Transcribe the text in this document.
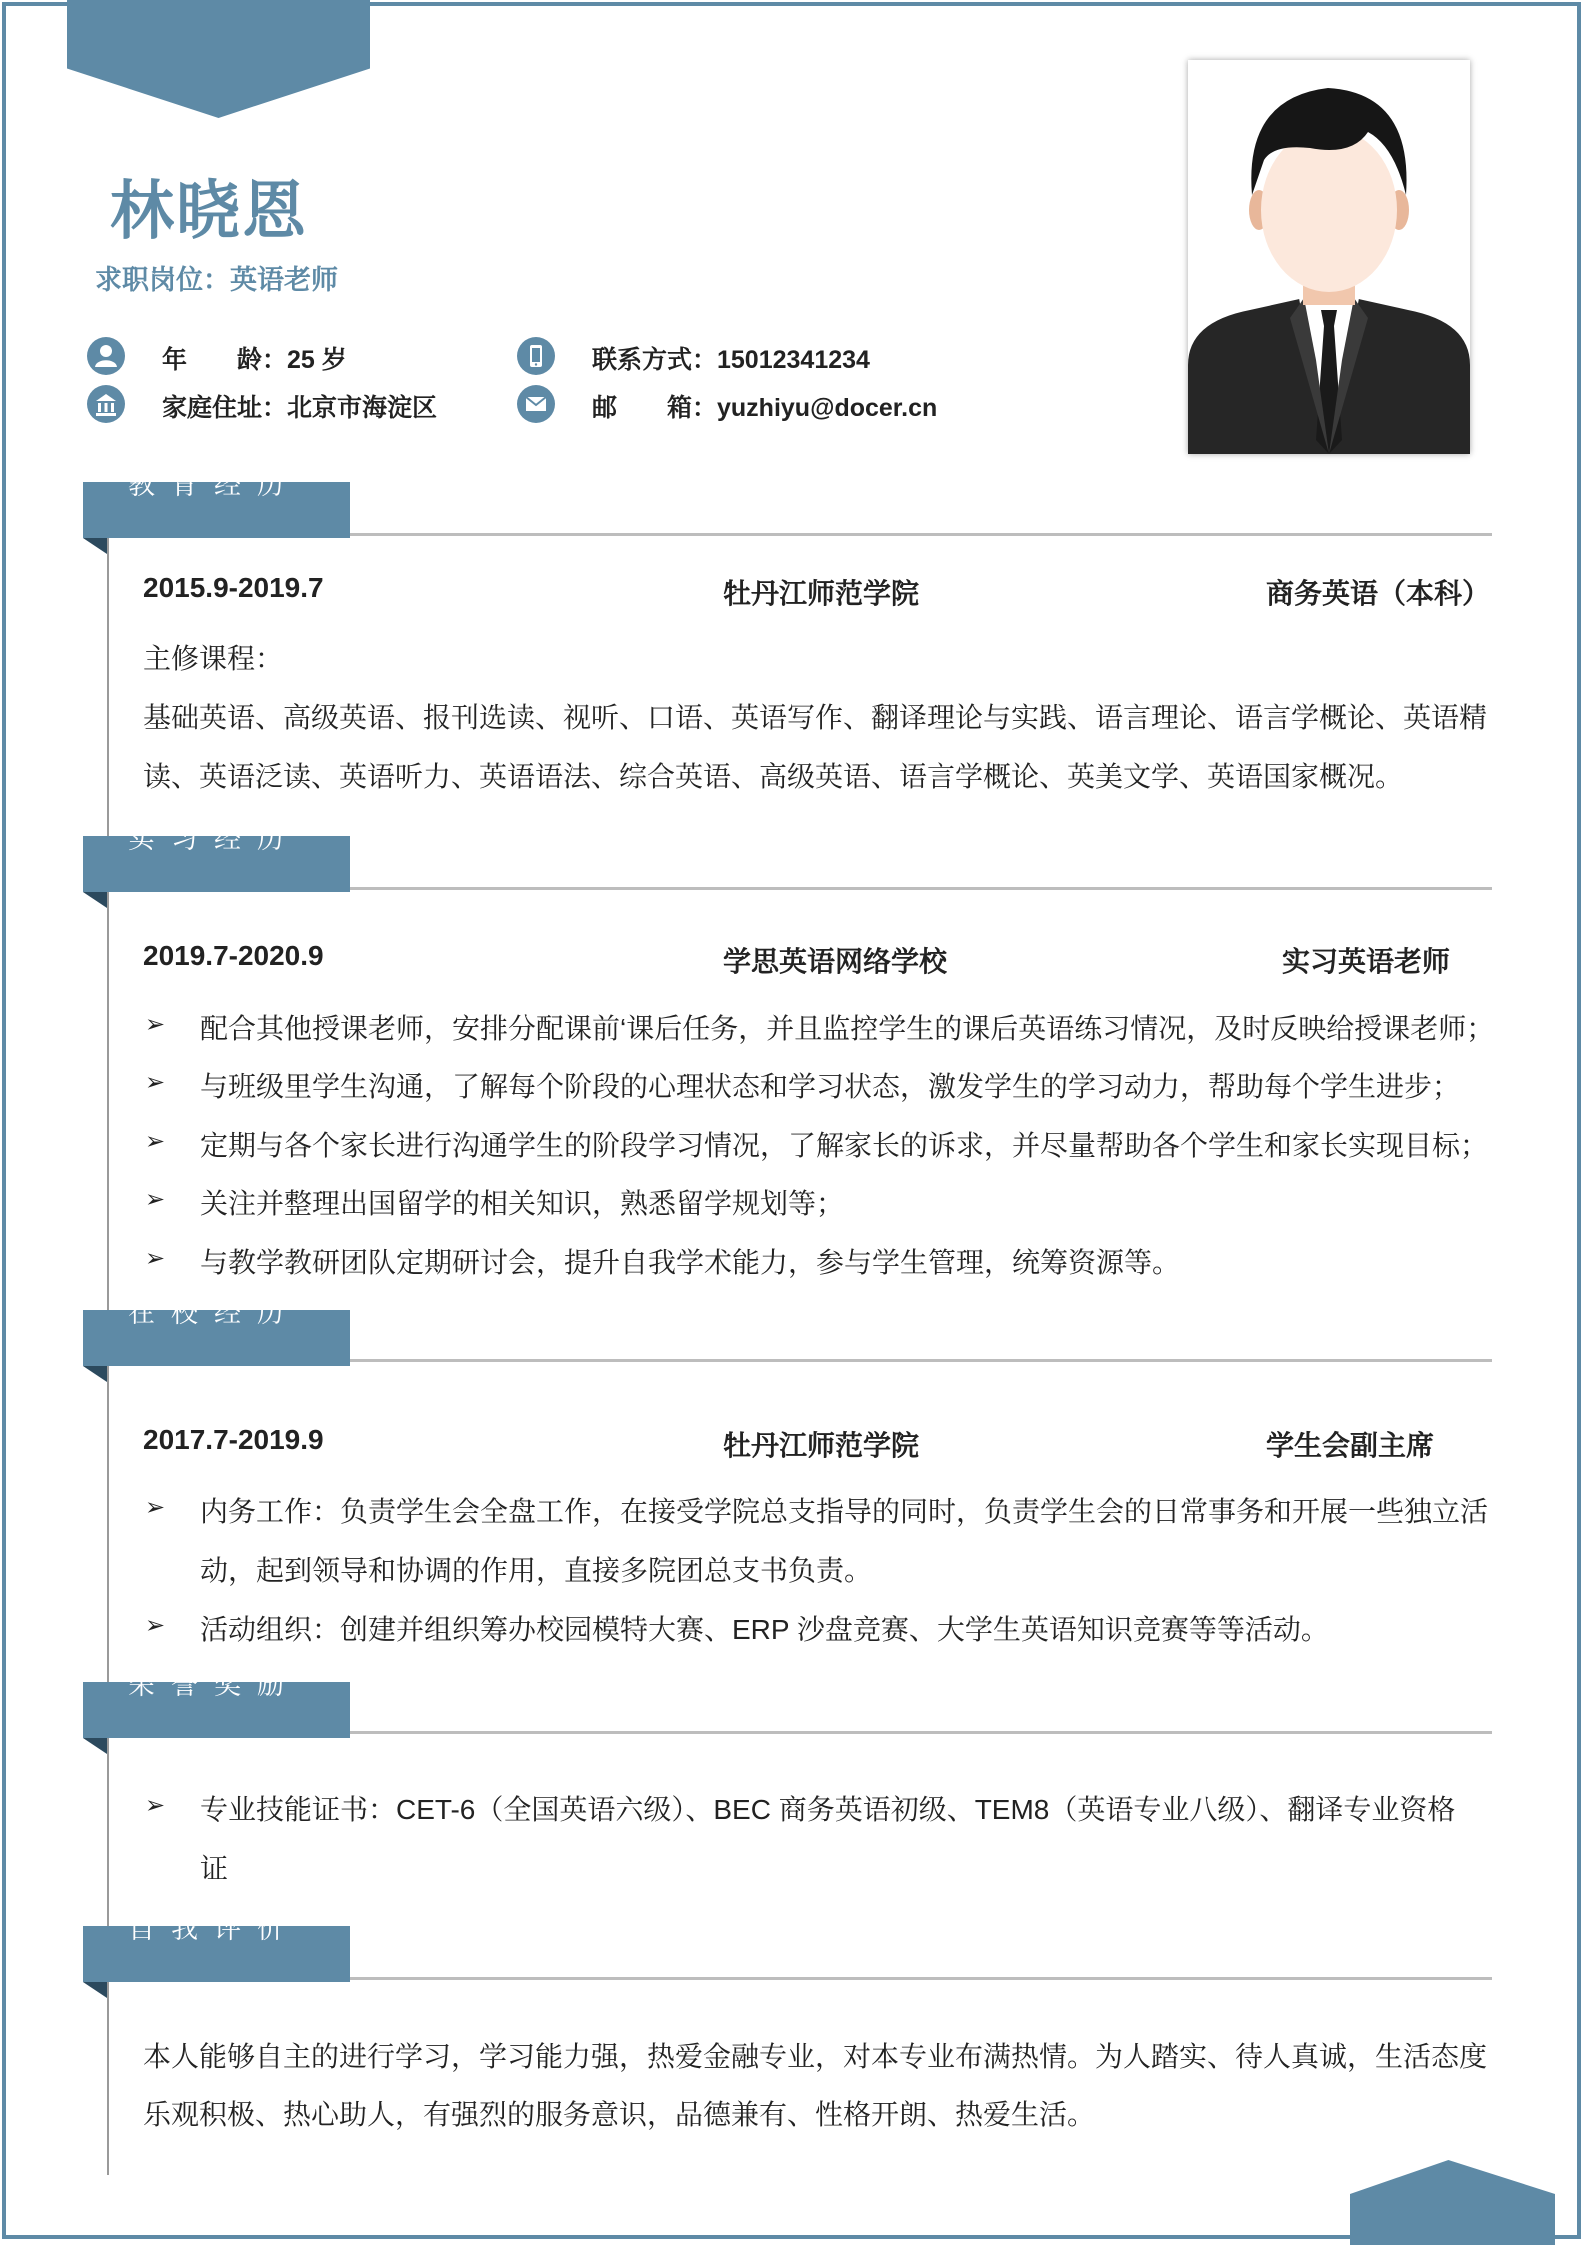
林晓恩
求职岗位：英语老师
年　　龄：25 岁
家庭住址：北京市海淀区
联系方式：15012341234
邮　　箱：yuzhiyu@docer.cn
教育经历
2015.9-2019.7	牡丹江师范学院	商务英语（本科）
主修课程：
基础英语、高级英语、报刊选读、视听、口语、英语写作、翻译理论与实践、语言理论、语言学概论、英语精
读、英语泛读、英语听力、英语语法、综合英语、高级英语、语言学概论、英美文学、英语国家概况。
实习经历
2019.7-2020.9	学思英语网络学校	实习英语老师
➢ 配合其他授课老师，安排分配课前‘课后任务，并且监控学生的课后英语练习情况，及时反映给授课老师；
➢ 与班级里学生沟通，了解每个阶段的心理状态和学习状态，激发学生的学习动力，帮助每个学生进步；
➢ 定期与各个家长进行沟通学生的阶段学习情况，了解家长的诉求，并尽量帮助各个学生和家长实现目标；
➢ 关注并整理出国留学的相关知识，熟悉留学规划等；
➢ 与教学教研团队定期研讨会，提升自我学术能力，参与学生管理，统筹资源等。
在校经历
2017.7-2019.9	牡丹江师范学院	学生会副主席
➢ 内务工作：负责学生会全盘工作，在接受学院总支指导的同时，负责学生会的日常事务和开展一些独立活
动，起到领导和协调的作用，直接多院团总支书负责。
➢ 活动组织：创建并组织筹办校园模特大赛、ERP 沙盘竞赛、大学生英语知识竞赛等等活动。
荣誉奖励
➢ 专业技能证书：CET-6（全国英语六级）、BEC 商务英语初级、TEM8（英语专业八级）、翻译专业资格
证
自我评价
本人能够自主的进行学习，学习能力强，热爱金融专业，对本专业布满热情。为人踏实、待人真诚，生活态度
乐观积极、热心助人，有强烈的服务意识，品德兼有、性格开朗、热爱生活。
